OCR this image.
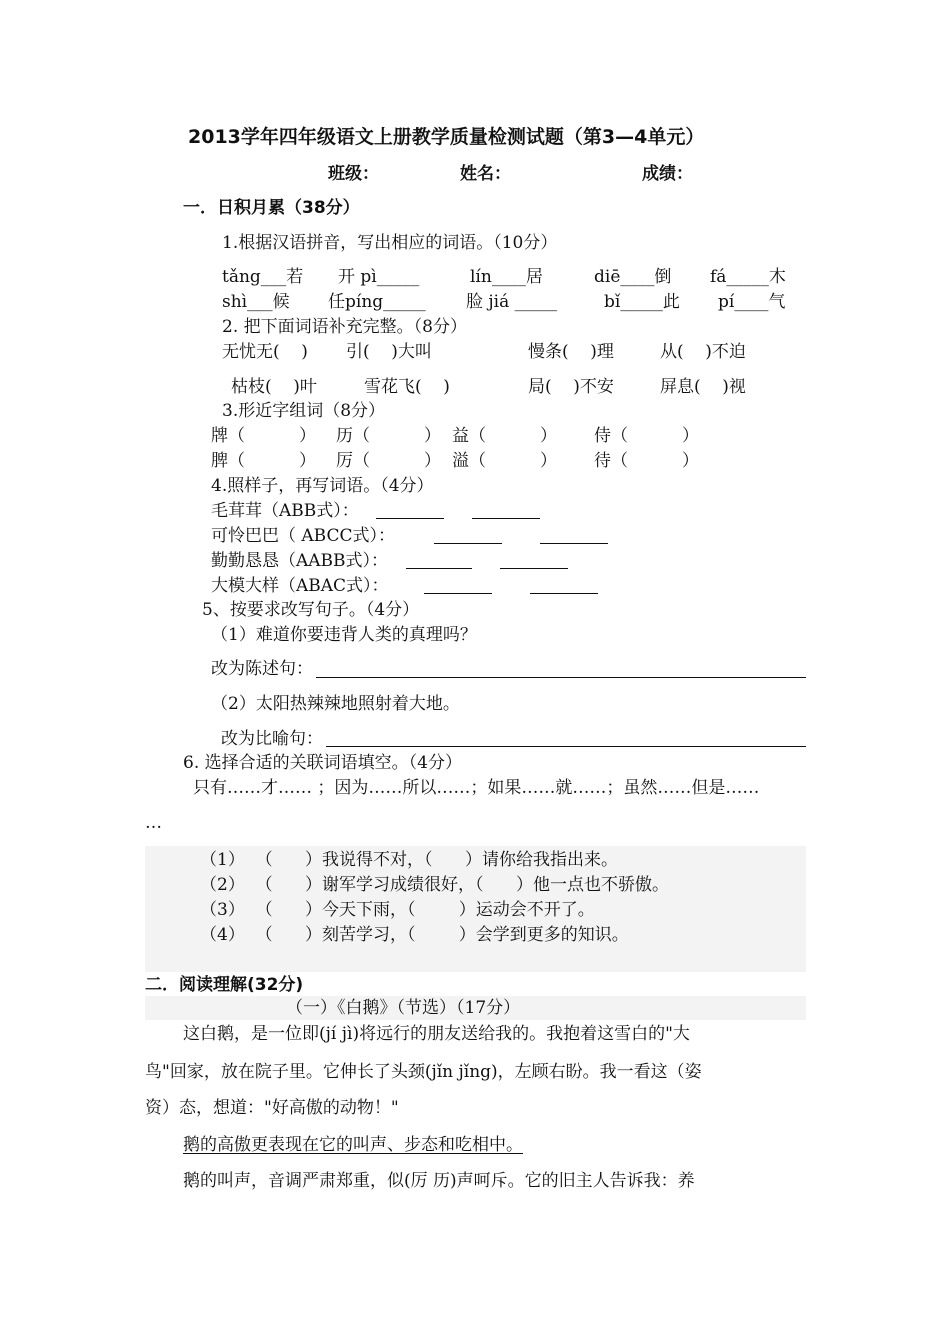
2013学年四年级语文上册教学质量检测试题（第3—4单元）
班级：	姓名：	成绩：
一．日积月累（38分）
1.根据汉语拼音，写出相应的词语。（10分）
tǎng___若 开 pì_____	lín____居	diē____倒 fá_____木
shì___候 任píng_____ 脸 jiá _____	bǐ_____此 pí____气
2. 把下面词语补充完整。（8分）
无忧无(    ) 引(    )大叫	慢条(    )理	从(    )不迫
枯枝(    )叶	雪花飞(    )	局(    )不安	屏息(    )视
3.形近字组词（8分）
牌（          ） 历（          ） 益（          ） 侍（          ）
脾（          ） 厉（          ） 溢（          ） 待（          ）
4.照样子，再写词语。（4分）
毛茸茸（ABB式）：
可怜巴巴（ ABCC式）：
勤勤恳恳（AABB式）：
大模大样（ABAC式）：
5、按要求改写句子。（4分）
（1）难道你要违背人类的真理吗？
改为陈述句：
（2）太阳热辣辣地照射着大地。
改为比喻句：
6. 选择合适的关联词语填空。（4分）
只有……才…… ；因为……所以……；如果……就……；虽然……但是……
…
（1）  （      ）我说得不对，（      ）请你给我指出来。
（2）  （      ）谢军学习成绩很好，（      ）他一点也不骄傲。
（3）  （      ）今天下雨，（        ）运动会不开了。
（4）  （      ）刻苦学习，（        ）会学到更多的知识。
二．阅读理解(32分)
（一）《白鹅》（节选）（17分）
这白鹅，是一位即(jí jì)将远行的朋友送给我的。我抱着这雪白的"大
鸟"回家，放在院子里。它伸长了头颈(jǐn jǐng)，左顾右盼。我一看这（姿
资）态，想道："好高傲的动物！"
鹅的高傲更表现在它的叫声、步态和吃相中。
鹅的叫声，音调严肃郑重，似(厉 历)声呵斥。它的旧主人告诉我：养
